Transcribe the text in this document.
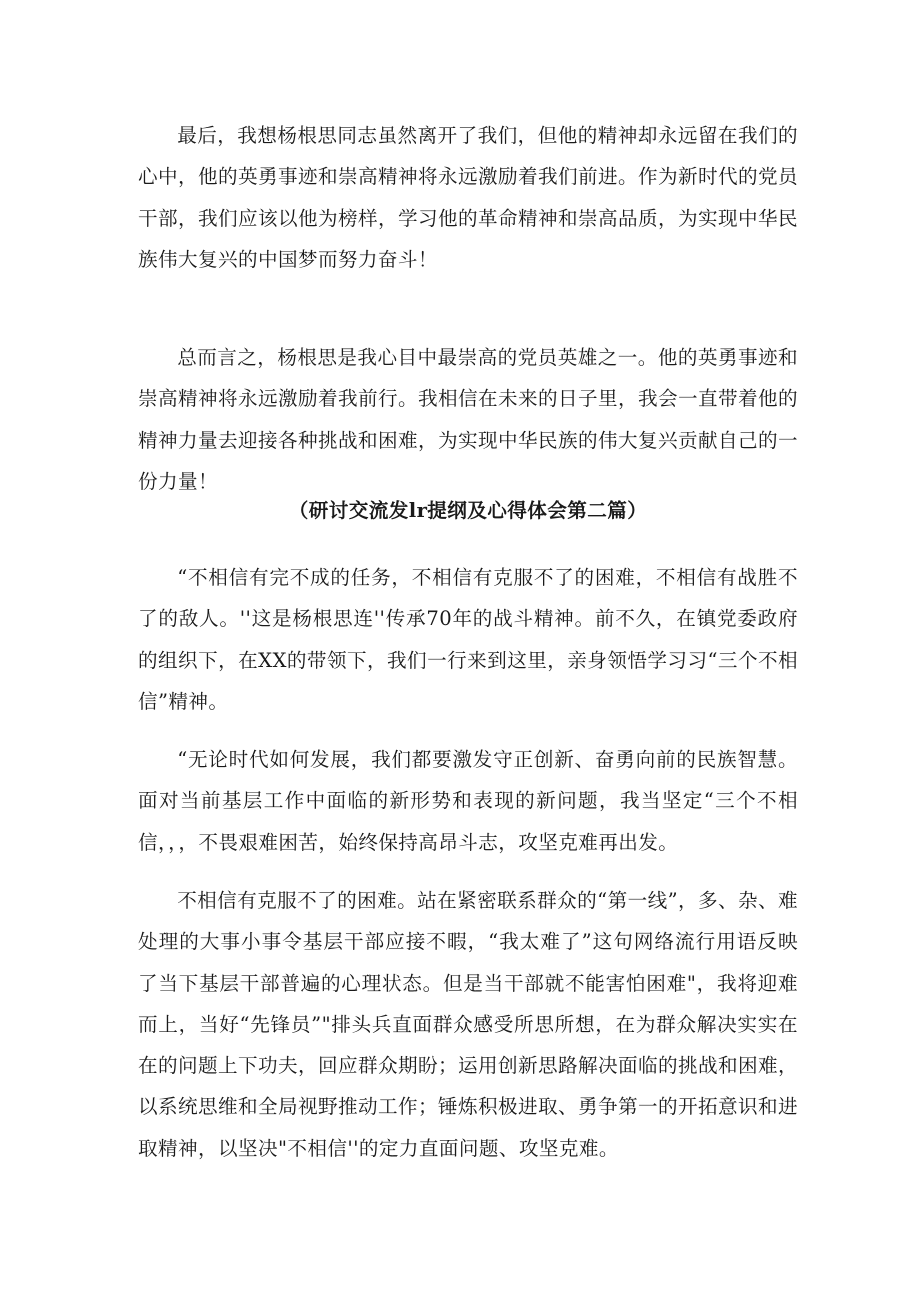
最后，我想杨根思同志虽然离开了我们，但他的精神却永远留在我们的心中，他的英勇事迹和崇高精神将永远激励着我们前进。作为新时代的党员干部，我们应该以他为榜样，学习他的革命精神和崇高品质，为实现中华民族伟大复兴的中国梦而努力奋斗！

总而言之，杨根思是我心目中最崇高的党员英雄之一。他的英勇事迹和崇高精神将永远激励着我前行。我相信在未来的日子里，我会一直带着他的精神力量去迎接各种挑战和困难，为实现中华民族的伟大复兴贡献自己的一份力量！

（研讨交流发lr提纲及心得体会第二篇）

“不相信有完不成的任务，不相信有克服不了的困难，不相信有战胜不了的敌人。''这是杨根思连''传承70年的战斗精神。前不久，在镇党委政府的组织下，在XX的带领下，我们一行来到这里，亲身领悟学习习“三个不相信”精神。

“无论时代如何发展，我们都要激发守正创新、奋勇向前的民族智慧。面对当前基层工作中面临的新形势和表现的新问题，我当坚定“三个不相信，，，不畏艰难困苦，始终保持高昂斗志，攻坚克难再出发。

不相信有克服不了的困难。站在紧密联系群众的“第一线”，多、杂、难处理的大事小事令基层干部应接不暇，“我太难了”这句网络流行用语反映了当下基层干部普遍的心理状态。但是当干部就不能害怕困难"，我将迎难而上，当好“先锋员”"排头兵直面群众感受所思所想，在为群众解决实实在在的问题上下功夫，回应群众期盼；运用创新思路解决面临的挑战和困难，以系统思维和全局视野推动工作；锤炼积极进取、勇争第一的开拓意识和进取精神，以坚决"不相信''的定力直面问题、攻坚克难。
